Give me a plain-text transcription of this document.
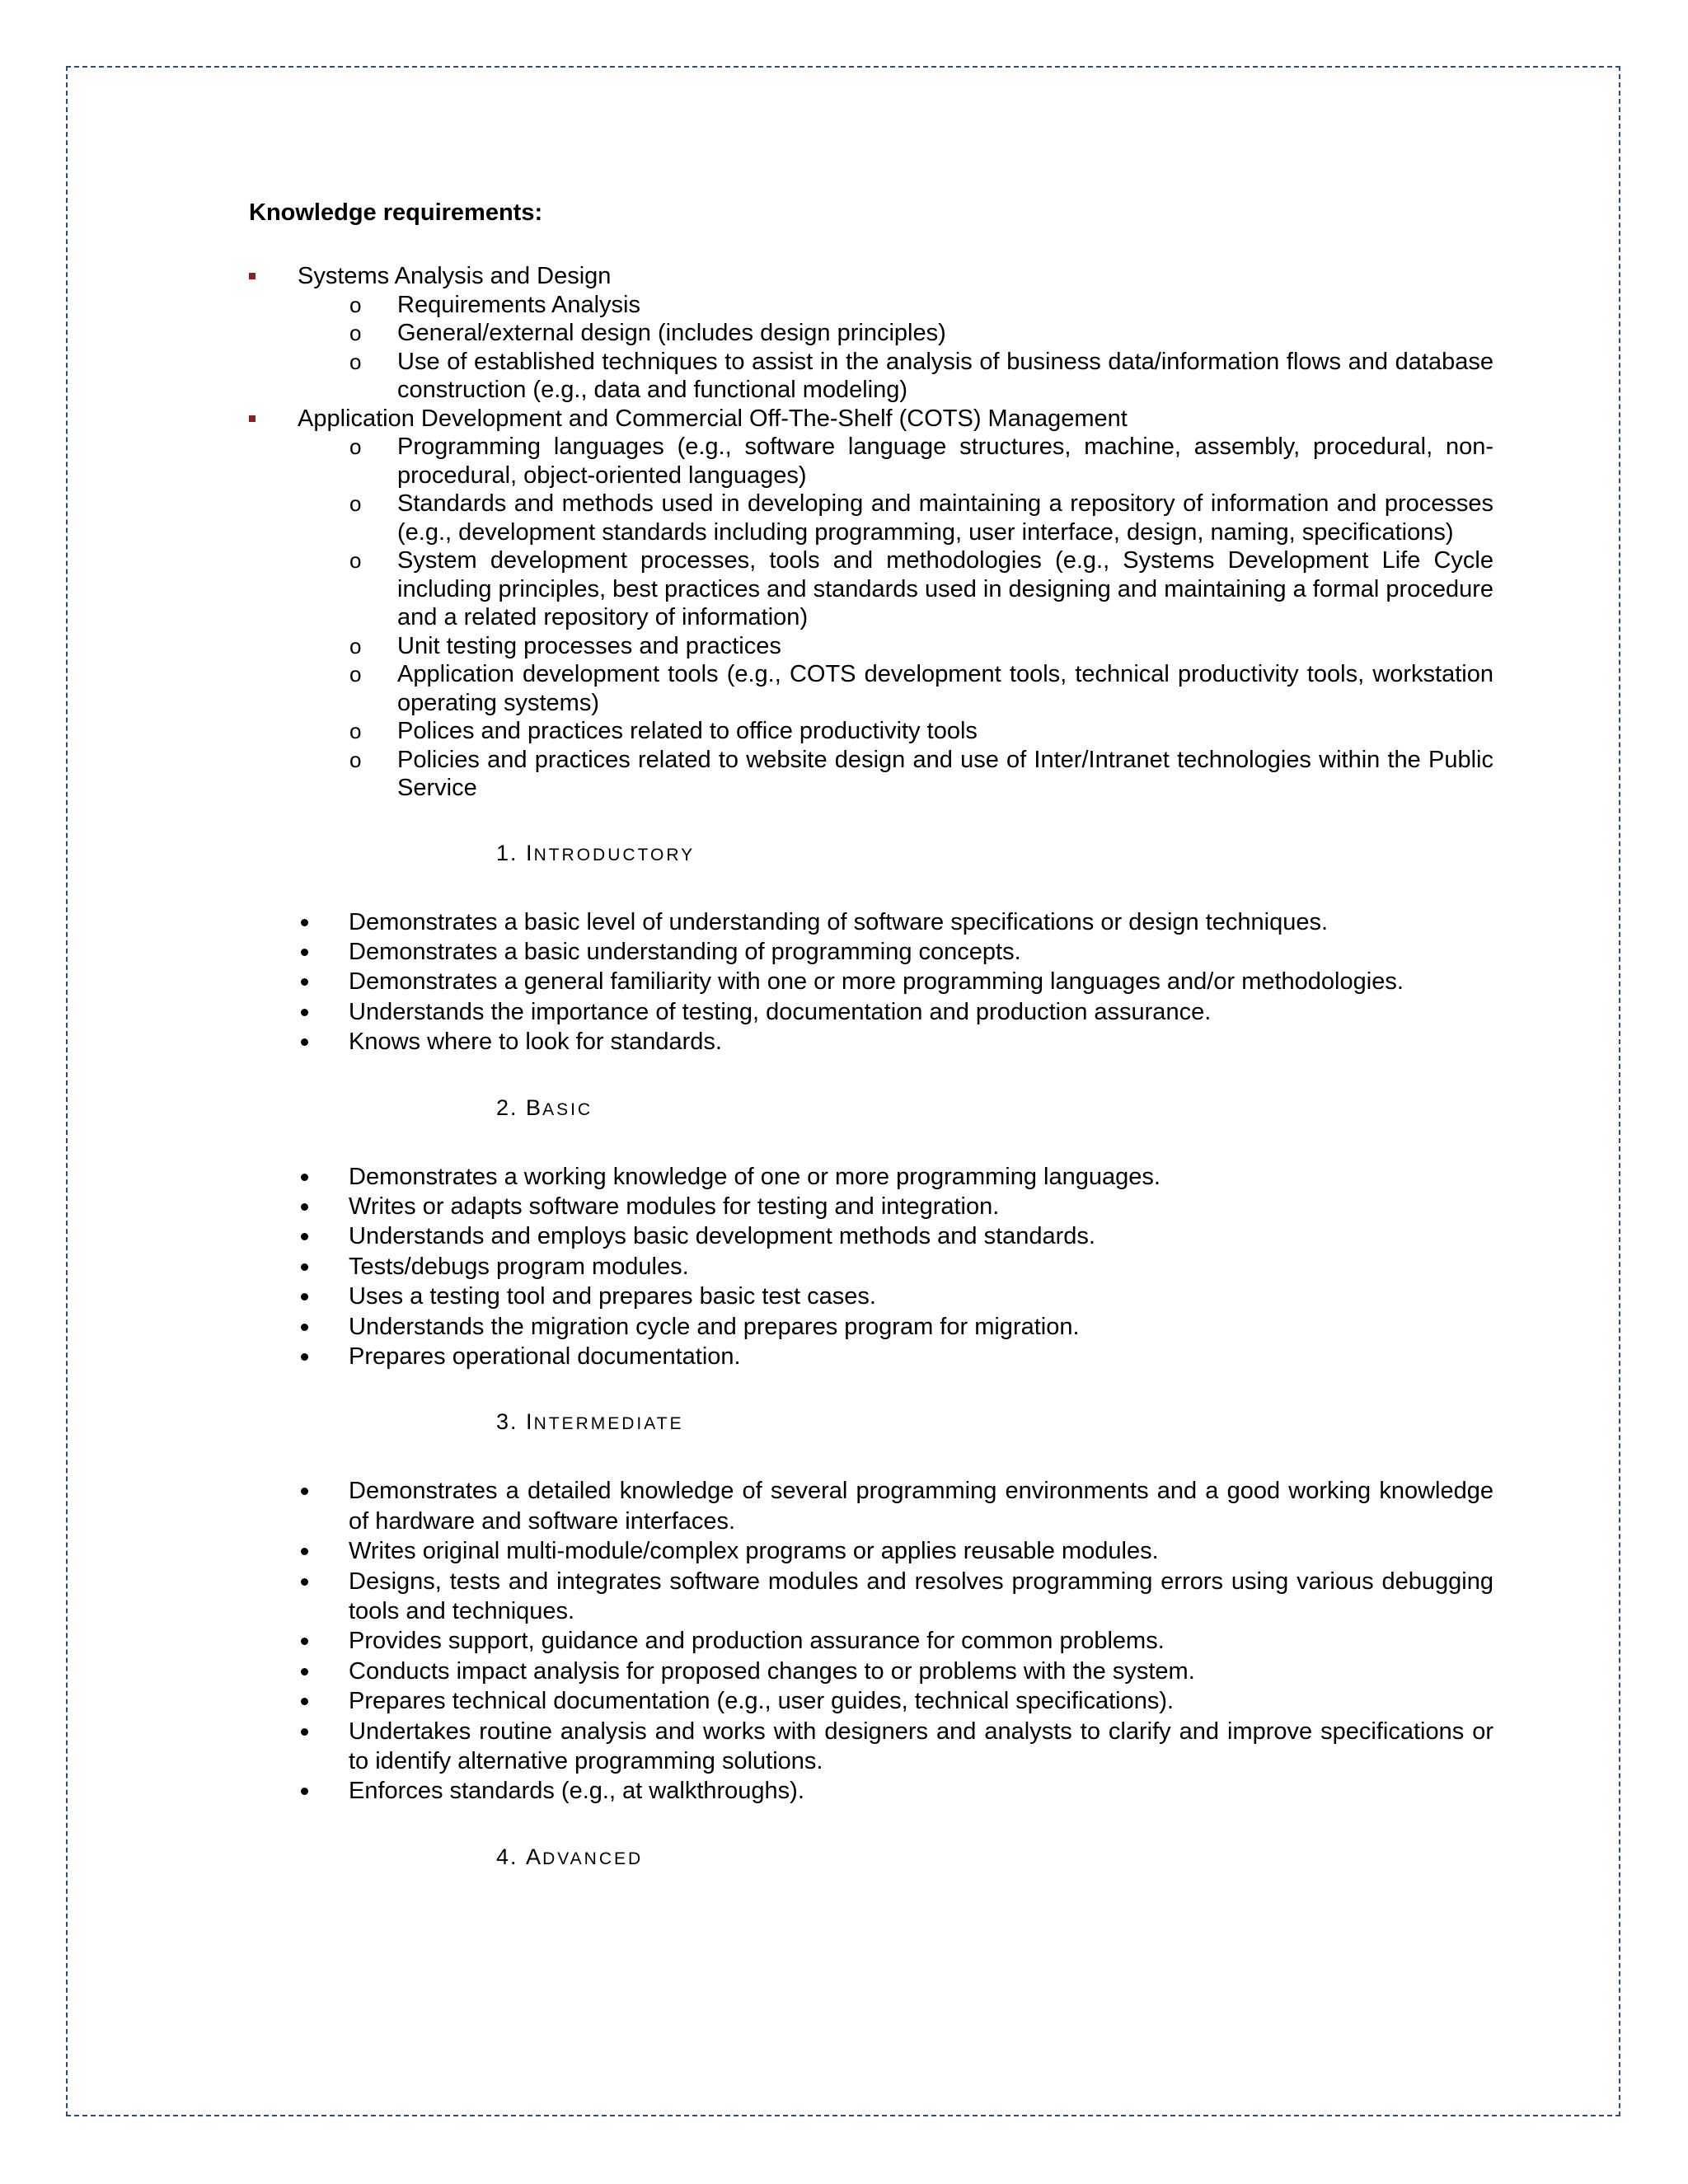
Knowledge requirements:
Systems Analysis and Design
o Requirements Analysis
o General/external design (includes design principles)
o Use of established techniques to assist in the analysis of business data/information flows and database construction (e.g., data and functional modeling)
Application Development and Commercial Off-The-Shelf (COTS) Management
o Programming languages (e.g., software language structures, machine, assembly, procedural, non-procedural, object-oriented languages)
o Standards and methods used in developing and maintaining a repository of information and processes (e.g., development standards including programming, user interface, design, naming, specifications)
o System development processes, tools and methodologies (e.g., Systems Development Life Cycle including principles, best practices and standards used in designing and maintaining a formal procedure and a related repository of information)
o Unit testing processes and practices
o Application development tools (e.g., COTS development tools, technical productivity tools, workstation operating systems)
o Polices and practices related to office productivity tools
o Policies and practices related to website design and use of Inter/Intranet technologies within the Public Service
1. INTRODUCTORY
Demonstrates a basic level of understanding of software specifications or design techniques.
Demonstrates a basic understanding of programming concepts.
Demonstrates a general familiarity with one or more programming languages and/or methodologies.
Understands the importance of testing, documentation and production assurance.
Knows where to look for standards.
2. BASIC
Demonstrates a working knowledge of one or more programming languages.
Writes or adapts software modules for testing and integration.
Understands and employs basic development methods and standards.
Tests/debugs program modules.
Uses a testing tool and prepares basic test cases.
Understands the migration cycle and prepares program for migration.
Prepares operational documentation.
3. INTERMEDIATE
Demonstrates a detailed knowledge of several programming environments and a good working knowledge of hardware and software interfaces.
Writes original multi-module/complex programs or applies reusable modules.
Designs, tests and integrates software modules and resolves programming errors using various debugging tools and techniques.
Provides support, guidance and production assurance for common problems.
Conducts impact analysis for proposed changes to or problems with the system.
Prepares technical documentation (e.g., user guides, technical specifications).
Undertakes routine analysis and works with designers and analysts to clarify and improve specifications or to identify alternative programming solutions.
Enforces standards (e.g., at walkthroughs).
4. ADVANCED
